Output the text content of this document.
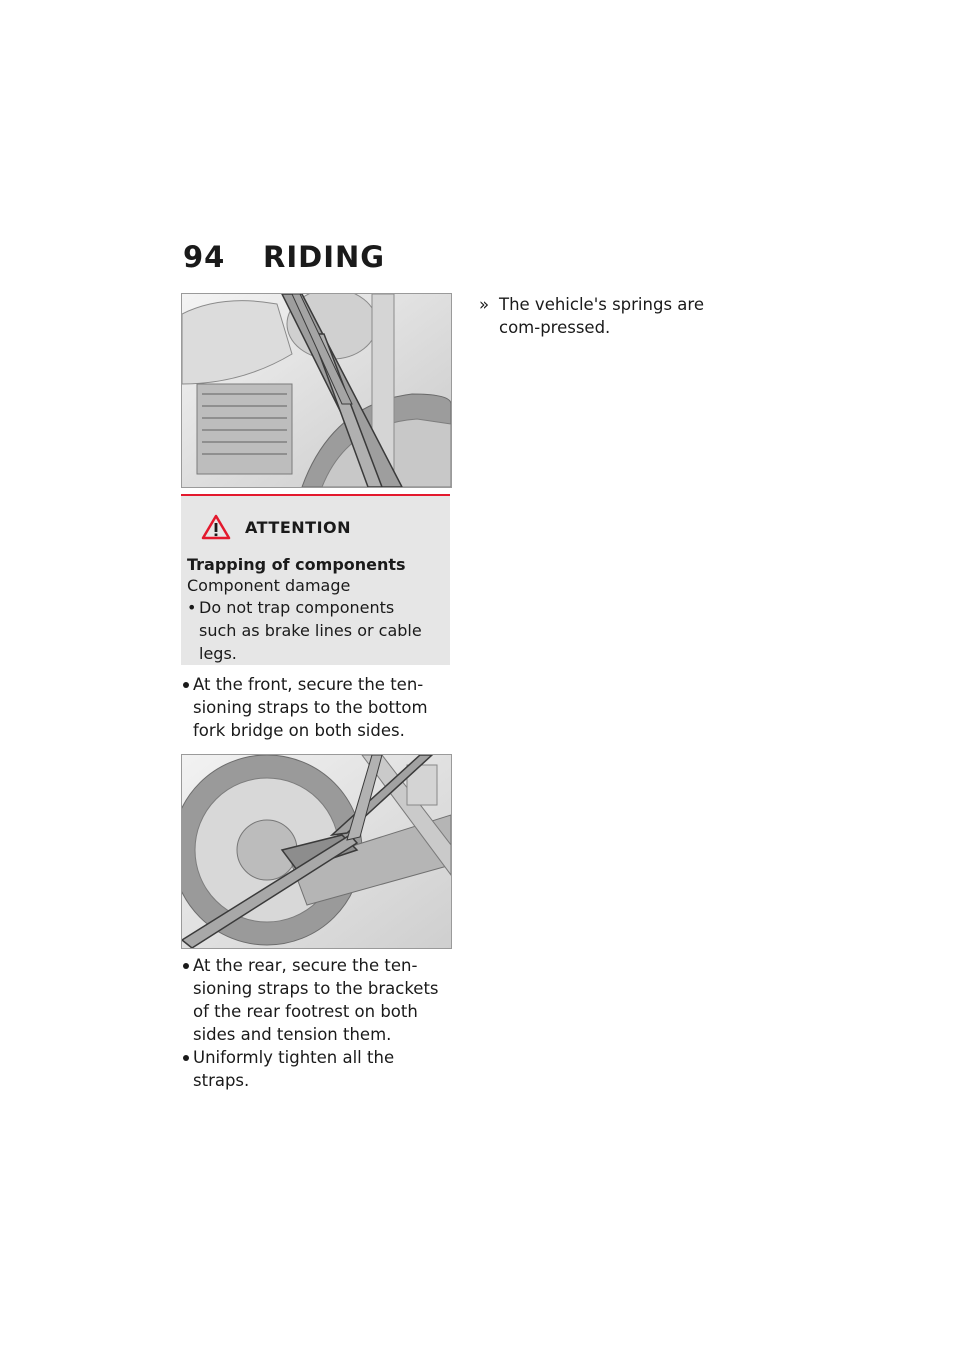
94	RIDING
ATTENTION
Trapping of components
Component damage
• Do not trap components such as brake lines or cable legs.
At the front, secure the ten-sioning straps to the bottom fork bridge on both sides.
At the rear, secure the ten-sioning straps to the brackets of the rear footrest on both sides and tension them.
Uniformly tighten all the straps.
» The vehicle's springs are com-pressed.
